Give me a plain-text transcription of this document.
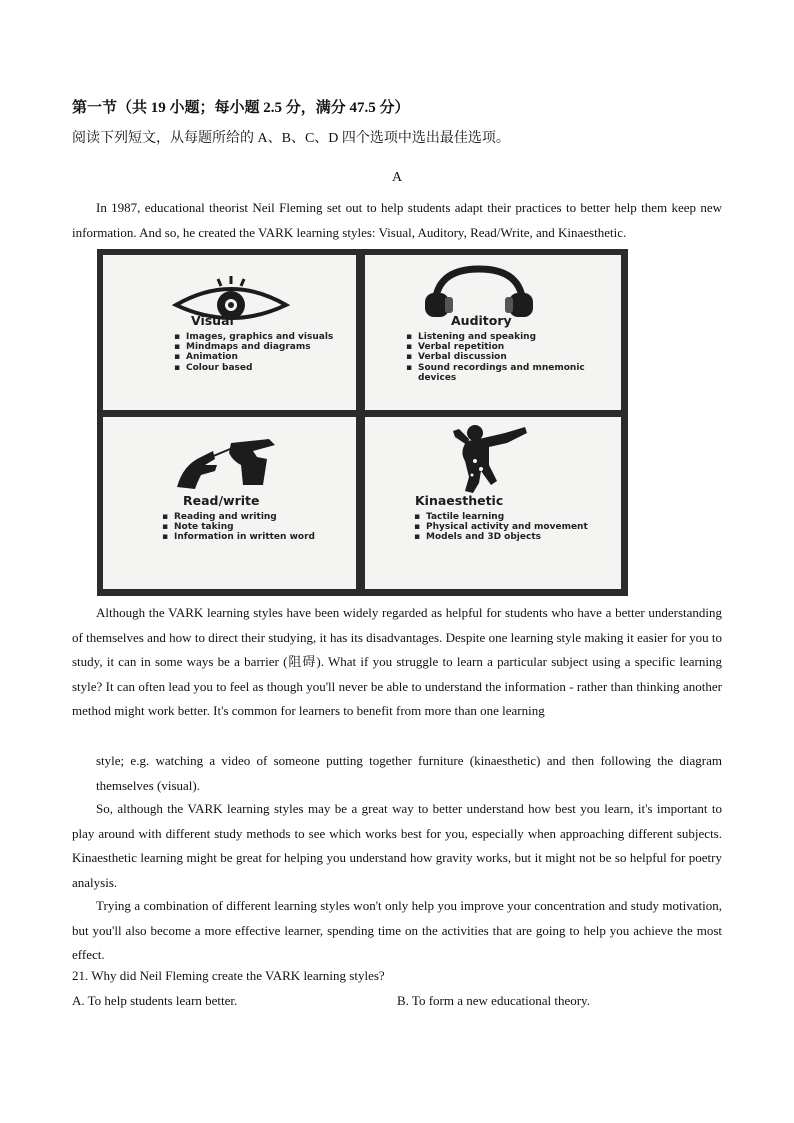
第一节（共 19 小题；每小题 2.5 分，满分 47.5 分）
阅读下列短文，从每题所给的 A、B、C、D 四个选项中选出最佳选项。
A
In 1987, educational theorist Neil Fleming set out to help students adapt their practices to better help them keep new information. And so, he created the VARK learning styles: Visual, Auditory, Read/Write, and Kinaesthetic.
Visual
▪ Images, graphics and visuals
▪ Mindmaps and diagrams
▪ Animation
▪ Colour based
Auditory
▪ Listening and speaking
▪ Verbal repetition
▪ Verbal discussion
▪ Sound recordings and mnemonic devices
Read/write
▪ Reading and writing
▪ Note taking
▪ Information in written word
Kinaesthetic
▪ Tactile learning
▪ Physical activity and movement
▪ Models and 3D objects
Although the VARK learning styles have been widely regarded as helpful for students who have a better understanding of themselves and how to direct their studying, it has its disadvantages. Despite one learning style making it easier for you to study, it can in some ways be a barrier (阻碍). What if you struggle to learn a particular subject using a specific learning style? It can often lead you to feel as though you'll never be able to understand the information - rather than thinking another method might work better. It's common for learners to benefit from more than one learning
style; e.g. watching a video of someone putting together furniture (kinaesthetic) and then following the diagram themselves (visual).
So, although the VARK learning styles may be a great way to better understand how best you learn, it's important to play around with different study methods to see which works best for you, especially when approaching different subjects. Kinaesthetic learning might be great for helping you understand how gravity works, but it might not be so helpful for poetry analysis.
Trying a combination of different learning styles won't only help you improve your concentration and study motivation, but you'll also become a more effective learner, spending time on the activities that are going to help you achieve the most effect.
21. Why did Neil Fleming create the VARK learning styles?
A. To help students learn better.	B. To form a new educational theory.
